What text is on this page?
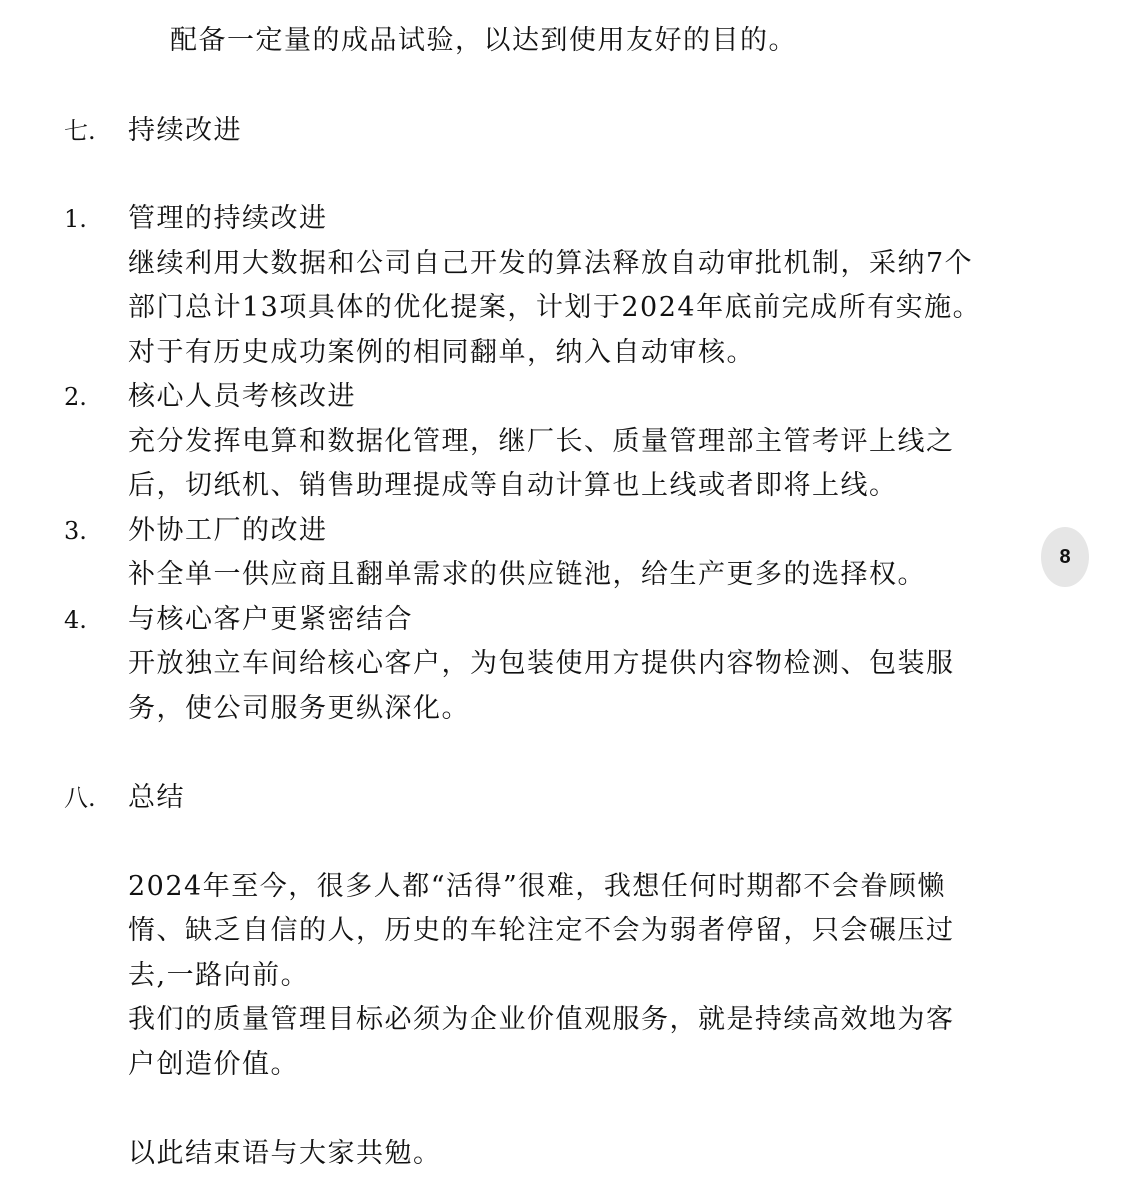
配备一定量的成品试验，以达到使用友好的目的。
七. 持续改进
1. 管理的持续改进
继续利用大数据和公司自己开发的算法释放自动审批机制，采纳7个
部门总计13项具体的优化提案，计划于2024年底前完成所有实施。
对于有历史成功案例的相同翻单，纳入自动审核。
2. 核心人员考核改进
充分发挥电算和数据化管理，继厂长、质量管理部主管考评上线之
后，切纸机、销售助理提成等自动计算也上线或者即将上线。
3. 外协工厂的改进
补全单一供应商且翻单需求的供应链池，给生产更多的选择权。
4. 与核心客户更紧密结合
开放独立车间给核心客户，为包装使用方提供内容物检测、包装服
务，使公司服务更纵深化。
八. 总结
2024年至今，很多人都“活得”很难，我想任何时期都不会眷顾懒
惰、缺乏自信的人，历史的车轮注定不会为弱者停留，只会碾压过
去,一路向前。
我们的质量管理目标必须为企业价值观服务，就是持续高效地为客
户创造价值。
以此结束语与大家共勉。
8
